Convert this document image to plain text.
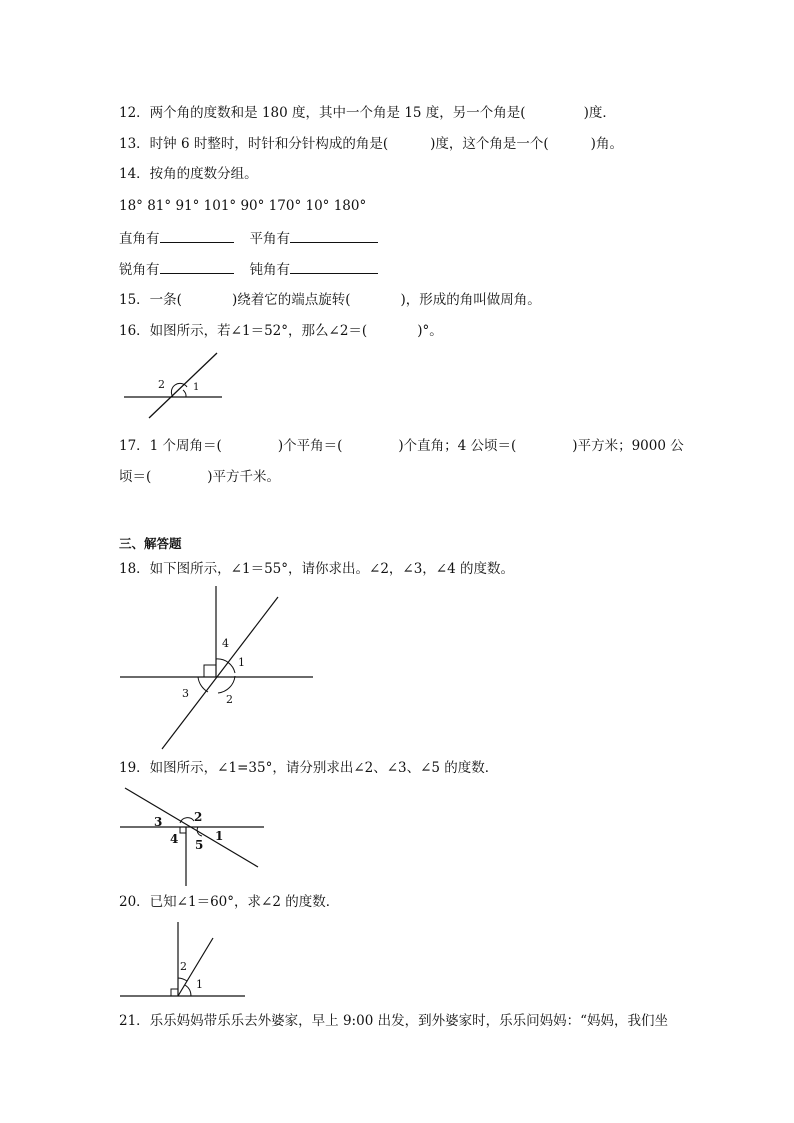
12．两个角的度数和是 180 度，其中一个角是 15 度，另一个角是(	)度．
13．时钟 6 时整时，时针和分针构成的角是(	)度，这个角是一个(	)角。
14．按角的度数分组。
18° 81° 91° 101° 90° 170° 10° 180°
直角有	平角有
锐角有	钝角有
15．一条(	)绕着它的端点旋转(	)，形成的角叫做周角。
16．如图所示，若∠1＝52°，那么∠2＝(	)°。
1
2
17．1 个周角＝(	)个平角＝(	)个直角；4 公顷＝(	)平方米；9000 公
顷＝(	)平方千米。
三、解答题
18．如下图所示，∠1＝55°，请你求出。∠2，∠3，∠4 的度数。
4
1
3	2
19．如图所示，∠1=35°，请分别求出∠2、∠3、∠5 的度数．
3	2
1
4 5
20．已知∠1＝60°，求∠2 的度数．
2
1
21．乐乐妈妈带乐乐去外婆家，早上 9:00 出发，到外婆家时，乐乐问妈妈：“妈妈，我们坐
